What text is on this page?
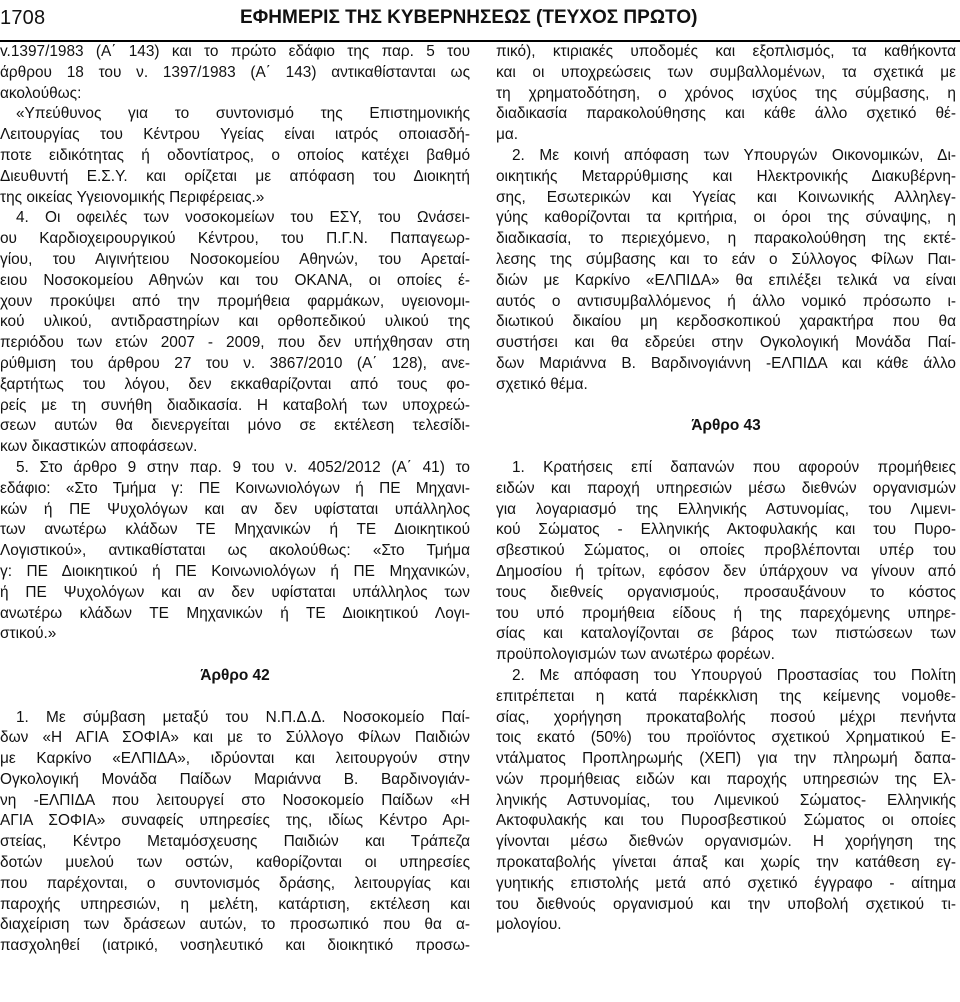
1708	ΕΦΗΜΕΡΙΣ ΤΗΣ ΚΥΒΕΡΝΗΣΕΩΣ (ΤΕΥΧΟΣ ΠΡΩΤΟ)
v.1397/1983 (Α΄ 143) και το πρώτο εδάφιο της παρ. 5 του
άρθρου 18 του ν. 1397/1983 (Α΄ 143) αντικαθίστανται ως
ακολούθως:
«Υπεύθυνος για το συντονισμό της Επιστημονικής
Λειτουργίας του Κέντρου Υγείας είναι ιατρός οποιασδή-
ποτε ειδικότητας ή οδοντίατρος, ο οποίος κατέχει βαθμό
Διευθυντή Ε.Σ.Υ. και ορίζεται με απόφαση του Διοικητή
της οικείας Υγειονομικής Περιφέρειας.»
4. Οι οφειλές των νοσοκομείων του ΕΣΥ, του Ωνάσει-
ου Καρδιοχειρουργικού Κέντρου, του Π.Γ.Ν. Παπαγεωρ-
γίου, του Αιγινήτειου Νοσοκομείου Αθηνών, του Αρεταί-
ειου Νοσοκομείου Αθηνών και του ΟΚΑΝΑ, οι οποίες έ-
χουν προκύψει από την προμήθεια φαρμάκων, υγειονομι-
κού υλικού, αντιδραστηρίων και ορθοπεδικού υλικού της
περιόδου των ετών 2007 - 2009, που δεν υπήχθησαν στη
ρύθμιση του άρθρου 27 του ν. 3867/2010 (Α΄ 128), ανε-
ξαρτήτως του λόγου, δεν εκκαθαρίζονται από τους φο-
ρείς με τη συνήθη διαδικασία. Η καταβολή των υποχρεώ-
σεων αυτών θα διενεργείται μόνο σε εκτέλεση τελεσίδι-
κων δικαστικών αποφάσεων.
5. Στο άρθρο 9 στην παρ. 9 του ν. 4052/2012 (Α΄ 41) το
εδάφιο: «Στο Τμήμα γ: ΠΕ Κοινωνιολόγων ή ΠΕ Μηχανι-
κών ή ΠΕ Ψυχολόγων και αν δεν υφίσταται υπάλληλος
των ανωτέρω κλάδων ΤΕ Μηχανικών ή ΤΕ Διοικητικού
Λογιστικού», αντικαθίσταται ως ακολούθως: «Στο Τμήμα
γ: ΠΕ Διοικητικού ή ΠΕ Κοινωνιολόγων ή ΠΕ Μηχανικών,
ή ΠΕ Ψυχολόγων και αν δεν υφίσταται υπάλληλος των
ανωτέρω κλάδων ΤΕ Μηχανικών ή ΤΕ Διοικητικού Λογι-
στικού.»
Άρθρο 42
1. Με σύμβαση μεταξύ του Ν.Π.Δ.Δ. Νοσοκομείο Παί-
δων «Η ΑΓΙΑ ΣΟΦΙΑ» και με το Σύλλογο Φίλων Παιδιών
με Καρκίνο «ΕΛΠΙΔΑ», ιδρύονται και λειτουργούν στην
Ογκολογική Μονάδα Παίδων Μαριάννα Β. Βαρδινογιάν-
νη -ΕΛΠΙΔΑ που λειτουργεί στο Νοσοκομείο Παίδων «Η
ΑΓΙΑ ΣΟΦΙΑ» συναφείς υπηρεσίες της, ιδίως Κέντρο Αρι-
στείας, Κέντρο Μεταμόσχευσης Παιδιών και Τράπεζα
δοτών μυελού των οστών, καθορίζονται οι υπηρεσίες
που παρέχονται, ο συντονισμός δράσης, λειτουργίας και
παροχής υπηρεσιών, η μελέτη, κατάρτιση, εκτέλεση και
διαχείριση των δράσεων αυτών, το προσωπικό που θα α-
πασχοληθεί (ιατρικό, νοσηλευτικό και διοικητικό προσω-
πικό), κτιριακές υποδομές και εξοπλισμός, τα καθήκοντα
και οι υποχρεώσεις των συμβαλλομένων, τα σχετικά με
τη χρηματοδότηση, ο χρόνος ισχύος της σύμβασης, η
διαδικασία παρακολούθησης και κάθε άλλο σχετικό θέ-
μα.
2. Με κοινή απόφαση των Υπουργών Οικονομικών, Δι-
οικητικής Μεταρρύθμισης και Ηλεκτρονικής Διακυβέρνη-
σης, Εσωτερικών και Υγείας και Κοινωνικής Αλληλεγ-
γύης καθορίζονται τα κριτήρια, οι όροι της σύναψης, η
διαδικασία, το περιεχόμενο, η παρακολούθηση της εκτέ-
λεσης της σύμβασης και το εάν ο Σύλλογος Φίλων Παι-
διών με Καρκίνο «ΕΛΠΙΔΑ» θα επιλέξει τελικά να είναι
αυτός ο αντισυμβαλλόμενος ή άλλο νομικό πρόσωπο ι-
διωτικού δικαίου μη κερδοσκοπικού χαρακτήρα που θα
συστήσει και θα εδρεύει στην Ογκολογική Μονάδα Παί-
δων Μαριάννα Β. Βαρδινογιάννη -ΕΛΠΙΔΑ και κάθε άλλο
σχετικό θέμα.
Άρθρο 43
1. Κρατήσεις επί δαπανών που αφορούν προμήθειες
ειδών και παροχή υπηρεσιών μέσω διεθνών οργανισμών
για λογαριασμό της Ελληνικής Αστυνομίας, του Λιμενι-
κού Σώματος - Ελληνικής Ακτοφυλακής και του Πυρο-
σβεστικού Σώματος, οι οποίες προβλέπονται υπέρ του
Δημοσίου ή τρίτων, εφόσον δεν ύπάρχουν να γίνουν από
τους διεθνείς οργανισμούς, προσαυξάνουν το κόστος
του υπό προμήθεια είδους ή της παρεχόμενης υπηρε-
σίας και καταλογίζονται σε βάρος των πιστώσεων των
προϋπολογισμών των ανωτέρω φορέων.
2. Με απόφαση του Υπουργού Προστασίας του Πολίτη
επιτρέπεται η κατά παρέκκλιση της κείμενης νομοθε-
σίας, χορήγηση προκαταβολής ποσού μέχρι πενήντα
τοις εκατό (50%) του προϊόντος σχετικού Χρηματικού Ε-
ντάλματος Προπληρωμής (ΧΕΠ) για την πληρωμή δαπα-
νών προμήθειας ειδών και παροχής υπηρεσιών της Ελ-
ληνικής Αστυνομίας, του Λιμενικού Σώματος- Ελληνικής
Ακτοφυλακής και του Πυροσβεστικού Σώματος οι οποίες
γίνονται μέσω διεθνών οργανισμών. Η χορήγηση της
προκαταβολής γίνεται άπαξ και χωρίς την κατάθεση εγ-
γυητικής επιστολής μετά από σχετικό έγγραφο - αίτημα
του διεθνούς οργανισμού και την υποβολή σχετικού τι-
μολογίου.
